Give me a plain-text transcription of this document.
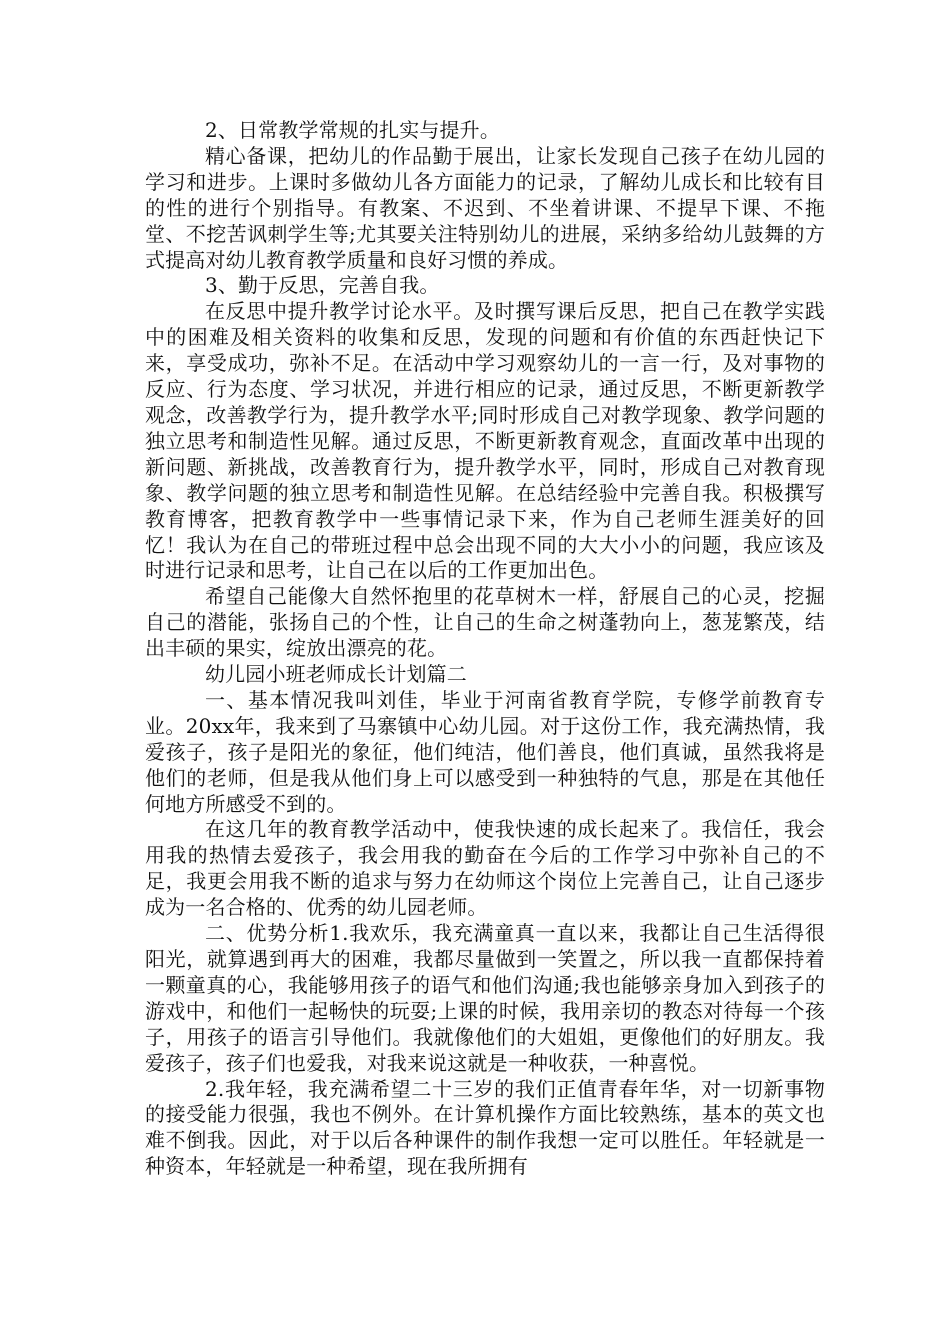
2、日常教学常规的扎实与提升。

精心备课，把幼儿的作品勤于展出，让家长发现自己孩子在幼儿园的学习和进步。上课时多做幼儿各方面能力的记录，了解幼儿成长和比较有目的性的进行个别指导。有教案、不迟到、不坐着讲课、不提早下课、不拖堂、不挖苦讽刺学生等;尤其要关注特别幼儿的进展，采纳多给幼儿鼓舞的方式提高对幼儿教育教学质量和良好习惯的养成。

3、勤于反思，完善自我。

在反思中提升教学讨论水平。及时撰写课后反思，把自己在教学实践中的困难及相关资料的收集和反思，发现的问题和有价值的东西赶快记下来，享受成功，弥补不足。在活动中学习观察幼儿的一言一行，及对事物的反应、行为态度、学习状况，并进行相应的记录，通过反思，不断更新教学观念，改善教学行为，提升教学水平;同时形成自己对教学现象、教学问题的独立思考和制造性见解。通过反思，不断更新教育观念，直面改革中出现的新问题、新挑战，改善教育行为，提升教学水平，同时，形成自己对教育现象、教学问题的独立思考和制造性见解。在总结经验中完善自我。积极撰写教育博客，把教育教学中一些事情记录下来，作为自己老师生涯美好的回忆！我认为在自己的带班过程中总会出现不同的大大小小的问题，我应该及时进行记录和思考，让自己在以后的工作更加出色。

希望自己能像大自然怀抱里的花草树木一样，舒展自己的心灵，挖掘自己的潜能，张扬自己的个性，让自己的生命之树蓬勃向上，葱茏繁茂，结出丰硕的果实，绽放出漂亮的花。

幼儿园小班老师成长计划篇二

一、基本情况我叫刘佳，毕业于河南省教育学院，专修学前教育专业。20xx年，我来到了马寨镇中心幼儿园。对于这份工作，我充满热情，我爱孩子，孩子是阳光的象征，他们纯洁，他们善良，他们真诚，虽然我将是他们的老师，但是我从他们身上可以感受到一种独特的气息，那是在其他任何地方所感受不到的。

在这几年的教育教学活动中，使我快速的成长起来了。我信任，我会用我的热情去爱孩子，我会用我的勤奋在今后的工作学习中弥补自己的不足，我更会用我不断的追求与努力在幼师这个岗位上完善自己，让自己逐步成为一名合格的、优秀的幼儿园老师。

二、优势分析1.我欢乐，我充满童真一直以来，我都让自己生活得很阳光，就算遇到再大的困难，我都尽量做到一笑置之，所以我一直都保持着一颗童真的心，我能够用孩子的语气和他们沟通;我也能够亲身加入到孩子的游戏中，和他们一起畅快的玩耍;上课的时候，我用亲切的教态对待每一个孩子，用孩子的语言引导他们。我就像他们的大姐姐，更像他们的好朋友。我爱孩子，孩子们也爱我，对我来说这就是一种收获，一种喜悦。

2.我年轻，我充满希望二十三岁的我们正值青春年华，对一切新事物的接受能力很强，我也不例外。在计算机操作方面比较熟练，基本的英文也难不倒我。因此，对于以后各种课件的制作我想一定可以胜任。年轻就是一种资本，年轻就是一种希望，现在我所拥有
